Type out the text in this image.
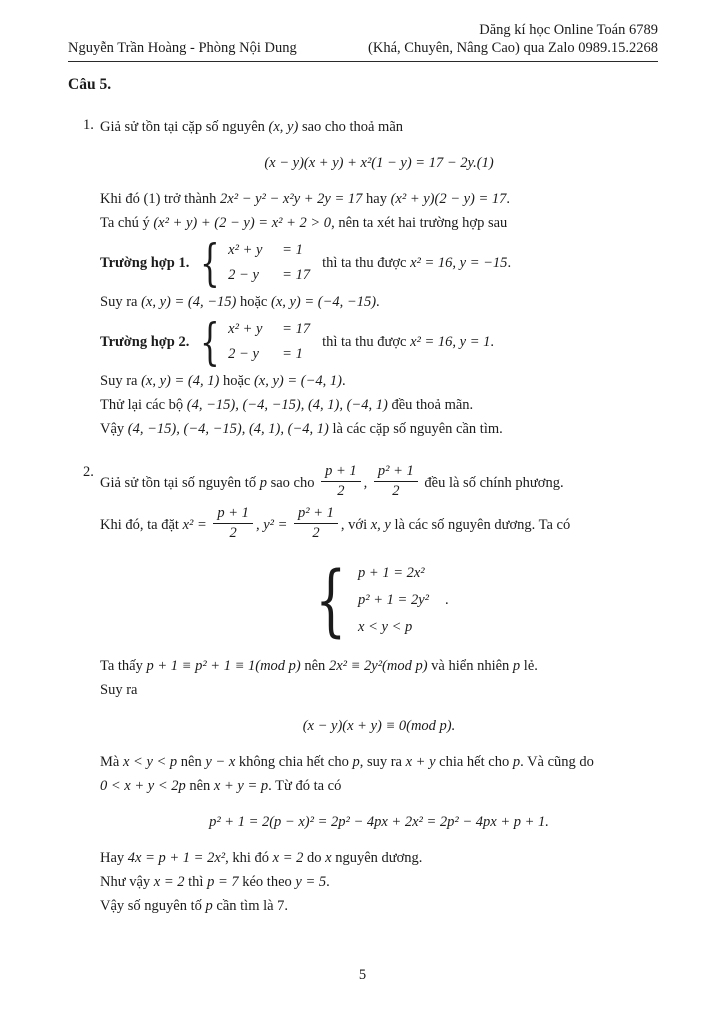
Dăng kí học Online Toán 6789
Nguyễn Trần Hoàng - Phòng Nội Dung	(Khá, Chuyên, Nâng Cao) qua Zalo 0989.15.2268
Câu 5.
1. Giả sử tồn tại cặp số nguyên (x, y) sao cho thoả mãn
(x − y)(x + y) + x²(1 − y) = 17 − 2y.(1)
Khi đó (1) trở thành 2x² − y² − x²y + 2y = 17 hay (x² + y)(2 − y) = 17.
Ta chú ý (x² + y) + (2 − y) = x² + 2 > 0, nên ta xét hai trường hợp sau
Trường hợp 1. { x² + y	= 1
2 − y	= 17
thì ta thu được x² = 16, y = −15.
Suy ra (x, y) = (4, −15) hoặc (x, y) = (−4, −15).
Trường hợp 2. { x² + y	= 17
2 − y	= 1
thì ta thu được x² = 16, y = 1.
Suy ra (x, y) = (4, 1) hoặc (x, y) = (−4, 1).
Thử lại các bộ (4, −15), (−4, −15), (4, 1), (−4, 1) đều thoả mãn.
Vậy (4, −15), (−4, −15), (4, 1), (−4, 1) là các cặp số nguyên cần tìm.
2.
Giả sử tồn tại số nguyên tố p sao cho $\frac{p + 1}{2}$ , $\frac{\text{p² + 1}}{2}$ đều là số chính phương.
Khi đó, ta đặt $x^2 = \frac{p + 1}{2}$ , $y^2 = \frac{\text{p² + 1}}{2}$ , với x, y là các số nguyên dương. Ta có
{ p + 1 = 2x²
p² + 1 = 2y²
x < y < p
.
Ta thấy p + 1 ≡ p² + 1 ≡ 1(mod p) nên 2x² ≡ 2y²(mod p) và hiển nhiên p lẻ.
Suy ra
(x − y)(x + y) ≡ 0(mod p).
Mà x < y < p nên y − x không chia hết cho p, suy ra x + y chia hết cho p. Và cũng do
0 < x + y < 2p nên x + y = p. Từ đó ta có
p² + 1 = 2(p − x)² = 2p² − 4px + 2x² = 2p² − 4px + p + 1.
Hay 4x = p + 1 = 2x², khi đó x = 2 do x nguyên dương.
Như vậy x = 2 thì p = 7 kéo theo y = 5.
Vậy số nguyên tố p cần tìm là 7.
5
